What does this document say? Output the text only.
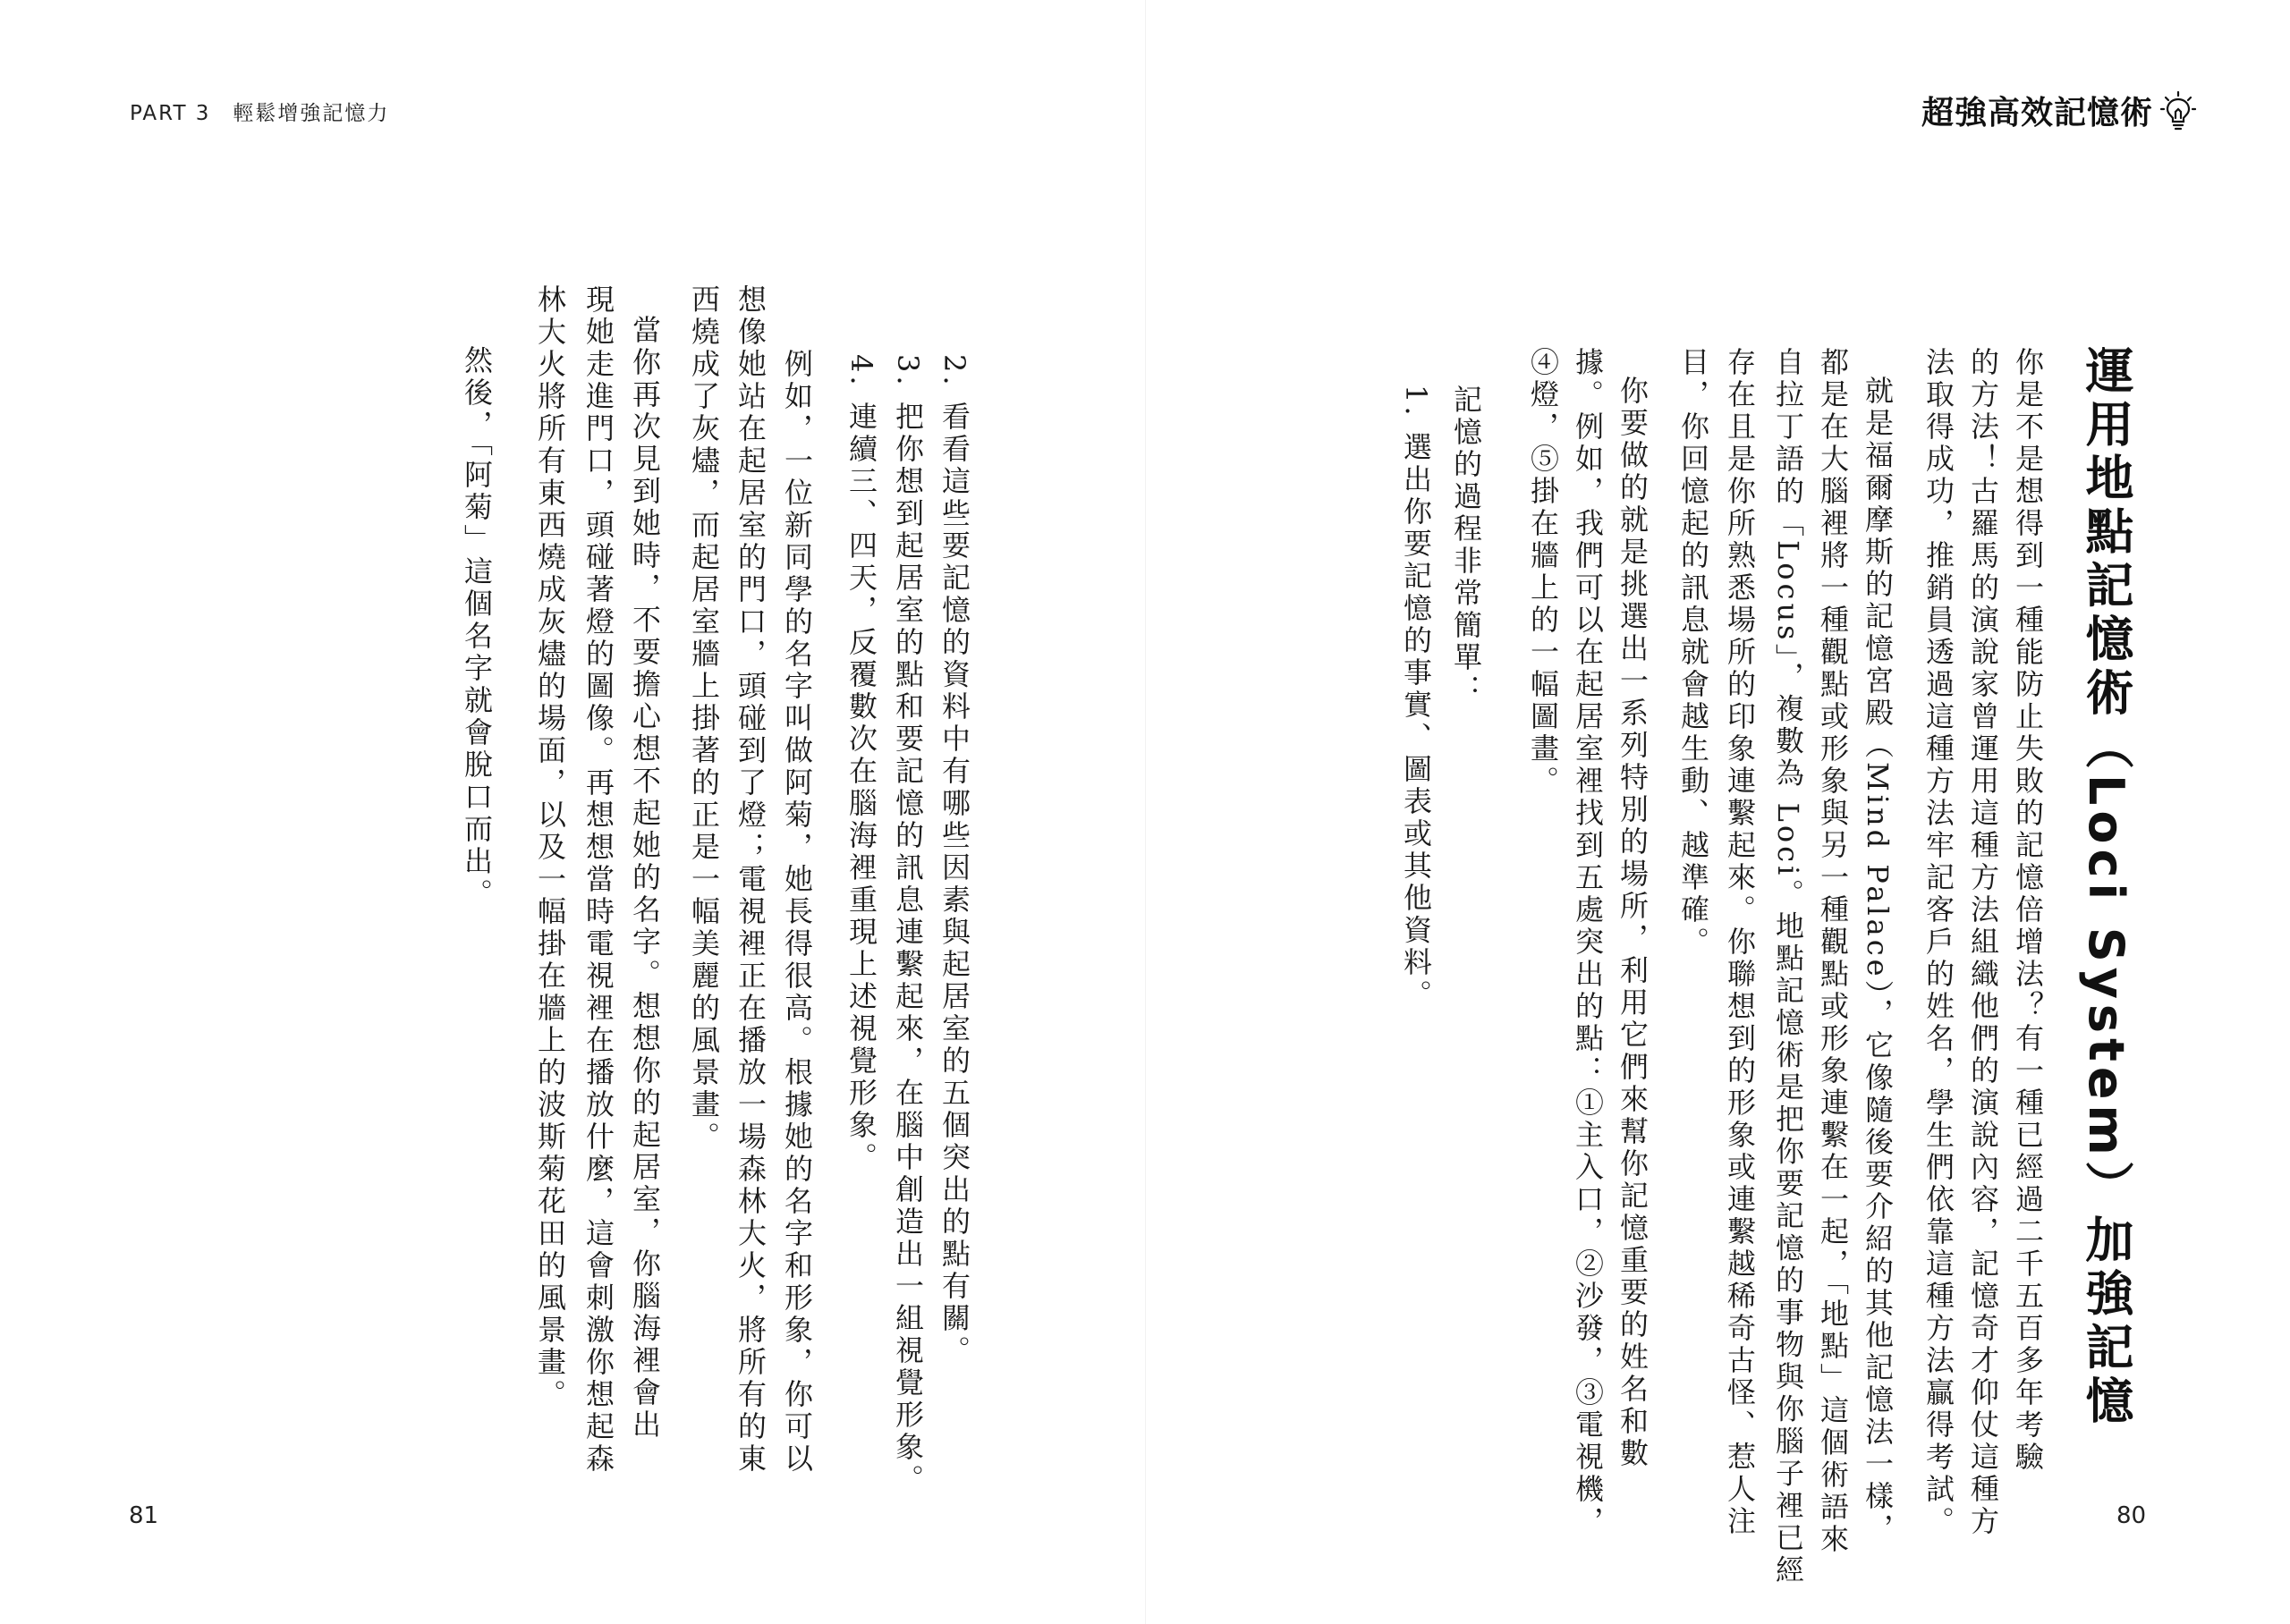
PART 3　輕鬆增強記憶力	超強高效記憶術
運用地點記憶術（Loci System）加強記憶
你是不是想得到一種能防止失敗的記憶倍增法？有一種已經過二千五百多年考驗
的方法！古羅馬的演說家曾運用這種方法組織他們的演說內容，記憶奇才仰仗這種方
法取得成功，推銷員透過這種方法牢記客戶的姓名，學生們依靠這種方法贏得考試。
就是福爾摩斯的記憶宮殿（Mind Palace），它像隨後要介紹的其他記憶法一樣，
都是在大腦裡將一種觀點或形象與另一種觀點或形象連繫在一起，「地點」這個術語來
自拉丁語的「Locus」，複數為 Loci。地點記憶術是把你要記憶的事物與你腦子裡已經
存在且是你所熟悉場所的印象連繫起來。你聯想到的形象或連繫越稀奇古怪、惹人注
目，你回憶起的訊息就會越生動、越準確。
你要做的就是挑選出一系列特別的場所，利用它們來幫你記憶重要的姓名和數
據。例如，我們可以在起居室裡找到五處突出的點：①主入口，②沙發，③電視機，
④燈，⑤掛在牆上的一幅圖畫。
記憶的過程非常簡單：
1. 選出你要記憶的事實、圖表或其他資料。
2. 看看這些要記憶的資料中有哪些因素與起居室的五個突出的點有關。
3. 把你想到起居室的點和要記憶的訊息連繫起來，在腦中創造出一組視覺形象。
4. 連續三、四天，反覆數次在腦海裡重現上述視覺形象。
例如，一位新同學的名字叫做阿菊，她長得很高。根據她的名字和形象，你可以
想像她站在起居室的門口，頭碰到了燈；電視裡正在播放一場森林大火，將所有的東
西燒成了灰燼，而起居室牆上掛著的正是一幅美麗的風景畫。
當你再次見到她時，不要擔心想不起她的名字。想想你的起居室，你腦海裡會出
現她走進門口，頭碰著燈的圖像。再想想當時電視裡在播放什麼，這會刺激你想起森
林大火將所有東西燒成灰燼的場面，以及一幅掛在牆上的波斯菊花田的風景畫。
然後，「阿菊」這個名字就會脫口而出。
81	80
